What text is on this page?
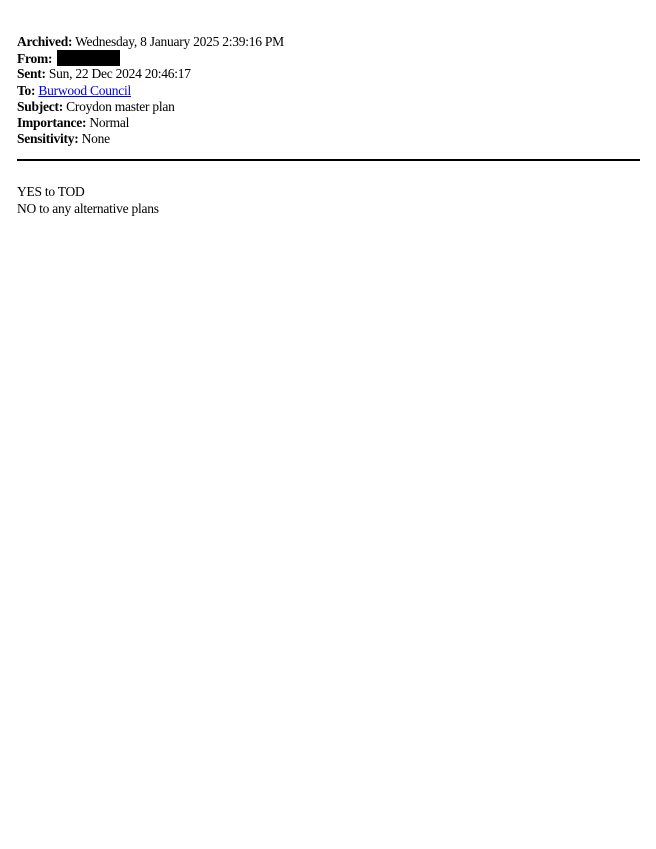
Archived: Wednesday, 8 January 2025 2:39:16 PM
From:
Sent: Sun, 22 Dec 2024 20:46:17
To: Burwood Council
Subject: Croydon master plan
Importance: Normal
Sensitivity: None
YES to TOD
NO to any alternative plans
